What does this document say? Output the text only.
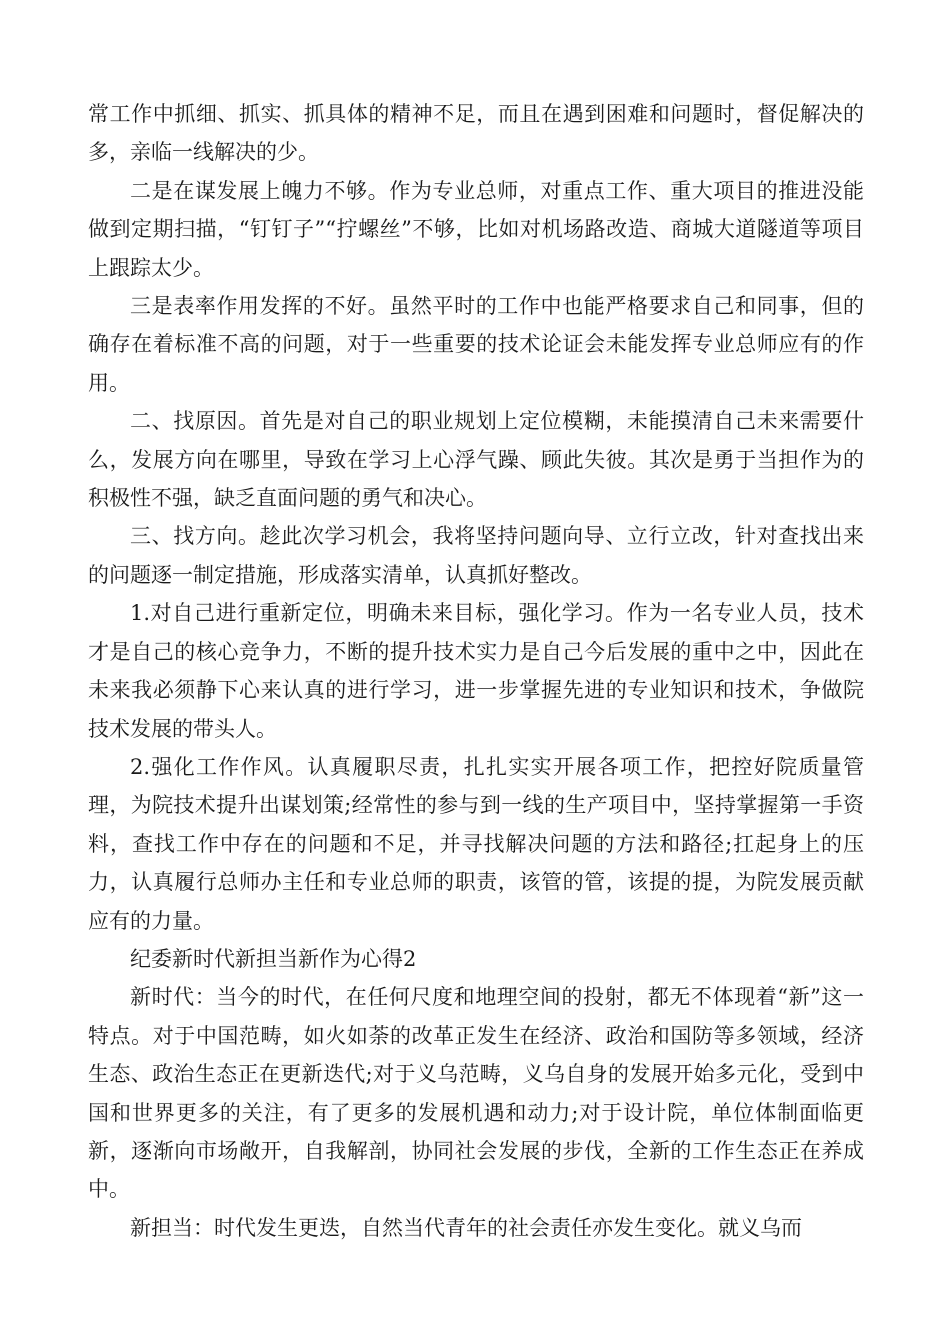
常工作中抓细、抓实、抓具体的精神不足，而且在遇到困难和问题时，督促解决的多，亲临一线解决的少。

二是在谋发展上魄力不够。作为专业总师，对重点工作、重大项目的推进没能做到定期扫描，“钉钉子”“拧螺丝”不够，比如对机场路改造、商城大道隧道等项目上跟踪太少。

三是表率作用发挥的不好。虽然平时的工作中也能严格要求自己和同事，但的确存在着标准不高的问题，对于一些重要的技术论证会未能发挥专业总师应有的作用。

二、找原因。首先是对自己的职业规划上定位模糊，未能摸清自己未来需要什么，发展方向在哪里，导致在学习上心浮气躁、顾此失彼。其次是勇于当担作为的积极性不强，缺乏直面问题的勇气和决心。

三、找方向。趁此次学习机会，我将坚持问题向导、立行立改，针对查找出来的问题逐一制定措施，形成落实清单，认真抓好整改。

1.对自己进行重新定位，明确未来目标，强化学习。作为一名专业人员，技术才是自己的核心竞争力，不断的提升技术实力是自己今后发展的重中之中，因此在未来我必须静下心来认真的进行学习，进一步掌握先进的专业知识和技术，争做院技术发展的带头人。

2.强化工作作风。认真履职尽责，扎扎实实开展各项工作，把控好院质量管理，为院技术提升出谋划策;经常性的参与到一线的生产项目中，坚持掌握第一手资料，查找工作中存在的问题和不足，并寻找解决问题的方法和路径;扛起身上的压力，认真履行总师办主任和专业总师的职责，该管的管，该提的提，为院发展贡献应有的力量。

纪委新时代新担当新作为心得2

新时代：当今的时代，在任何尺度和地理空间的投射，都无不体现着“新”这一特点。对于中国范畴，如火如荼的改革正发生在经济、政治和国防等多领域，经济生态、政治生态正在更新迭代;对于义乌范畴，义乌自身的发展开始多元化，受到中国和世界更多的关注，有了更多的发展机遇和动力;对于设计院，单位体制面临更新，逐渐向市场敞开，自我解剖，协同社会发展的步伐，全新的工作生态正在养成中。

新担当：时代发生更迭，自然当代青年的社会责任亦发生变化。就义乌而
